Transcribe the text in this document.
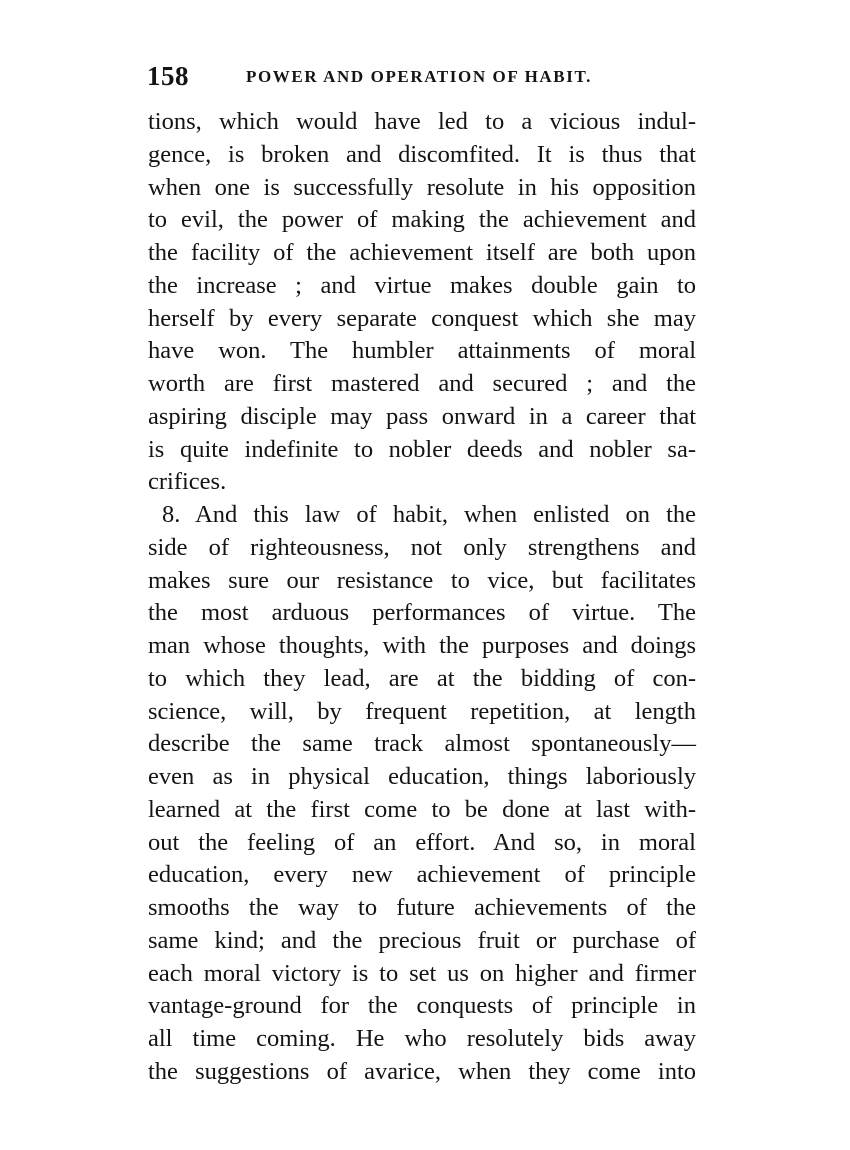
158	POWER AND OPERATION OF HABIT.
tions, which would have led to a vicious indul-
gence, is broken and discomfited. It is thus that
when one is successfully resolute in his opposition
to evil, the power of making the achievement and
the facility of the achievement itself are both upon
the increase ; and virtue makes double gain to
herself by every separate conquest which she may
have won. The humbler attainments of moral
worth are first mastered and secured ; and the
aspiring disciple may pass onward in a career that
is quite indefinite to nobler deeds and nobler sa-
crifices.
8. And this law of habit, when enlisted on the
side of righteousness, not only strengthens and
makes sure our resistance to vice, but facilitates
the most arduous performances of virtue. The
man whose thoughts, with the purposes and doings
to which they lead, are at the bidding of con-
science, will, by frequent repetition, at length
describe the same track almost spontaneously—
even as in physical education, things laboriously
learned at the first come to be done at last with-
out the feeling of an effort. And so, in moral
education, every new achievement of principle
smooths the way to future achievements of the
same kind; and the precious fruit or purchase of
each moral victory is to set us on higher and firmer
vantage-ground for the conquests of principle in
all time coming. He who resolutely bids away
the suggestions of avarice, when they come into
